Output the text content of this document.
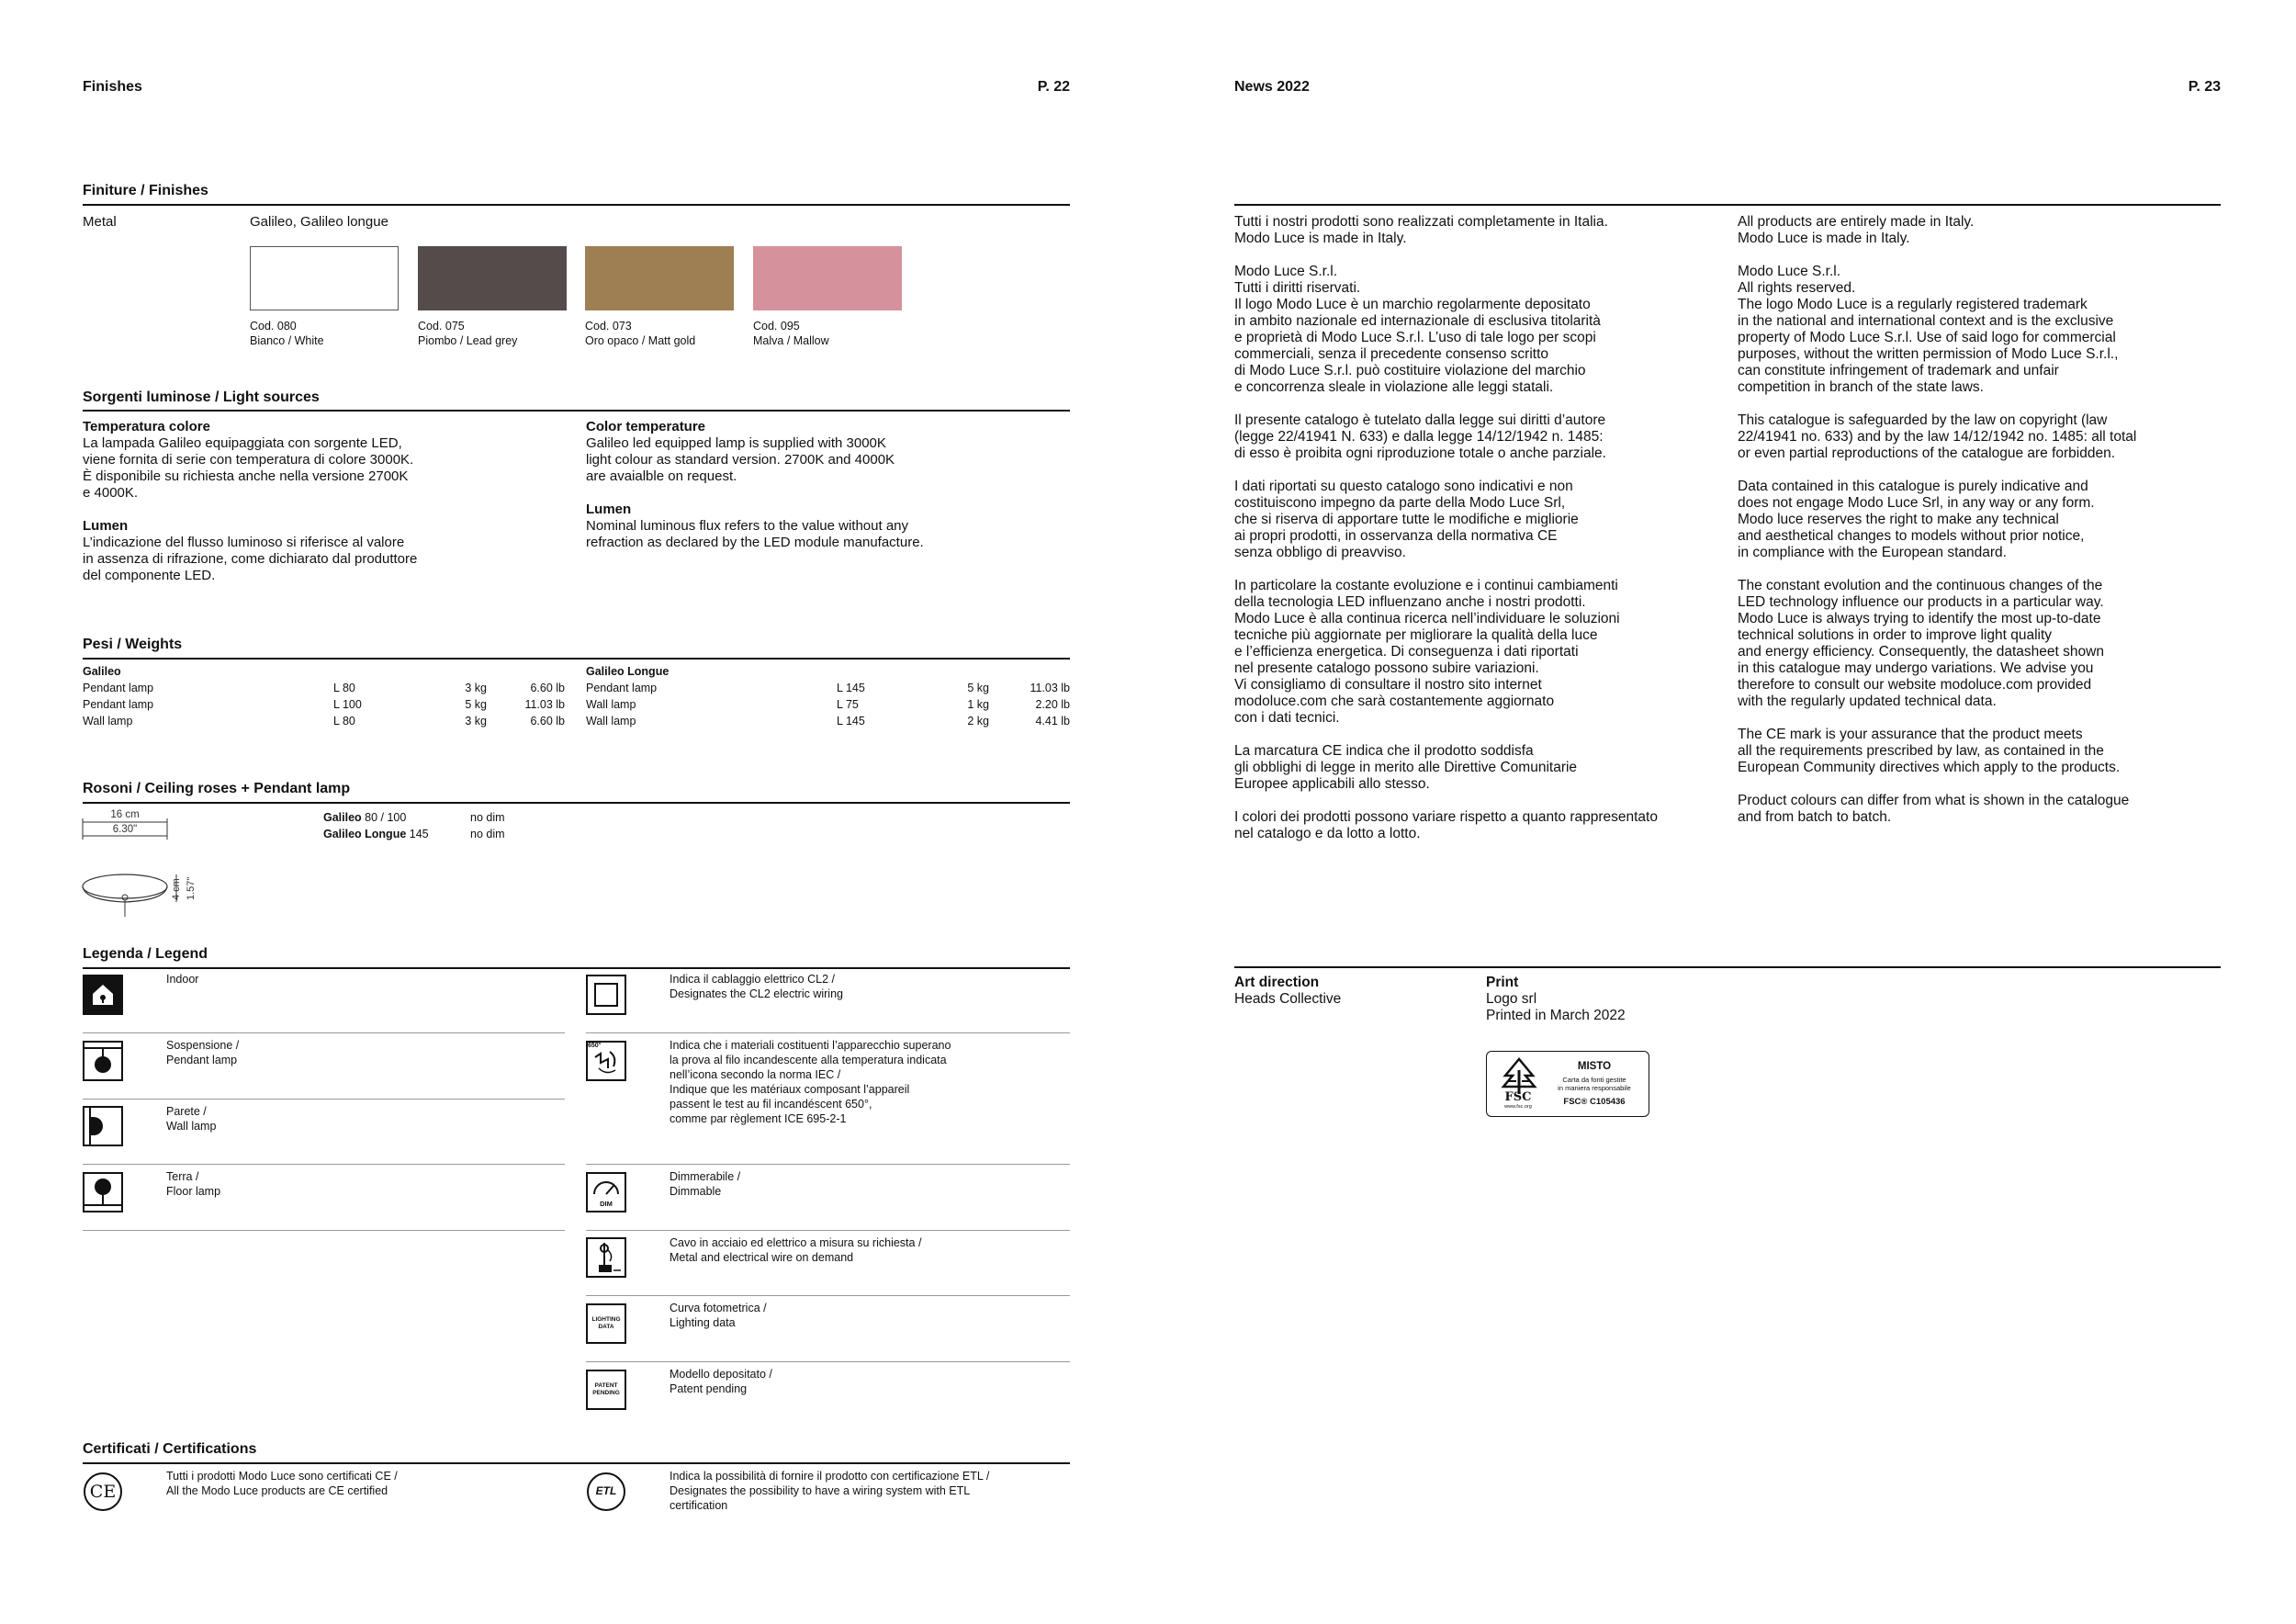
Finishes	P. 22
Finiture / Finishes
Metal	Galileo, Galileo longue
Cod. 080
Bianco / White
Cod. 075
Piombo / Lead grey
Cod. 073
Oro opaco / Matt gold
Cod. 095
Malva / Mallow
Sorgenti luminose / Light sources
Temperatura colore
La lampada Galileo equipaggiata con sorgente LED,
viene fornita di serie con temperatura di colore 3000K.
È disponibile su richiesta anche nella versione 2700K
e 4000K.
Lumen
L’indicazione del flusso luminoso si riferisce al valore
in assenza di rifrazione, come dichiarato dal produttore
del componente LED.
Color temperature
Galileo led equipped lamp is supplied with 3000K
light colour as standard version. 2700K and 4000K
are avaialble on request.
Lumen
Nominal luminous flux refers to the value without any
refraction as declared by the LED module manufacture.
Pesi / Weights
Galileo
Pendant lamp	L 80	3 kg	6.60 lb
Pendant lamp	L 100	5 kg	11.03 lb
Wall lamp	L 80	3 kg	6.60 lb
Galileo Longue
Pendant lamp	L 145	5 kg	11.03 lb
Wall lamp	L 75	1 kg	2.20 lb
Wall lamp	L 145	2 kg	4.41 lb
Rosoni / Ceiling roses + Pendant lamp
16 cm
6.30"
4 cm 1.57"
Galileo 80 / 100	no dim
Galileo Longue 145	no dim
Legenda / Legend
Indoor
Sospensione /
Pendant lamp
Parete /
Wall lamp
Terra /
Floor lamp
Indica il cablaggio elettrico CL2 /
Designates the CL2 electric wiring
650°	Indica che i materiali costituenti l’apparecchio superano
la prova al filo incandescente alla temperatura indicata
nell’icona secondo la norma IEC /
Indique que les matériaux composant l’appareil
passent le test au fil incandéscent 650°,
comme par règlement ICE 695-2-1
DIM
Dimmerabile /
Dimmable
Cavo in acciaio ed elettrico a misura su richiesta /
Metal and electrical wire on demand
LIGHTING
DATA
Curva fotometrica /
Lighting data
PATENT
PENDING
Modello depositato /
Patent pending
Certificati / Certifications
CE
Tutti i prodotti Modo Luce sono certificati CE /
All the Modo Luce products are CE certified	ETL
Indica la possibilità di fornire il prodotto con certificazione ETL /
Designates the possibility to have a wiring system with ETL
certification
News 2022	P. 23
Tutti i nostri prodotti sono realizzati completamente in Italia.
Modo Luce is made in Italy.
Modo Luce S.r.l.
Tutti i diritti riservati.
Il logo Modo Luce è un marchio regolarmente depositato
in ambito nazionale ed internazionale di esclusiva titolarità
e proprietà di Modo Luce S.r.l. L’uso di tale logo per scopi
commerciali, senza il precedente consenso scritto
di Modo Luce S.r.l. può costituire violazione del marchio
e concorrenza sleale in violazione alle leggi statali.
Il presente catalogo è tutelato dalla legge sui diritti d’autore
(legge 22/41941 N. 633) e dalla legge 14/12/1942 n. 1485:
di esso è proibita ogni riproduzione totale o anche parziale.
I dati riportati su questo catalogo sono indicativi e non
costituiscono impegno da parte della Modo Luce Srl,
che si riserva di apportare tutte le modifiche e migliorie
ai propri prodotti, in osservanza della normativa CE
senza obbligo di preavviso.
In particolare la costante evoluzione e i continui cambiamenti
della tecnologia LED influenzano anche i nostri prodotti.
Modo Luce è alla continua ricerca nell’individuare le soluzioni
tecniche più aggiornate per migliorare la qualità della luce
e l’efficienza energetica. Di conseguenza i dati riportati
nel presente catalogo possono subire variazioni.
Vi consigliamo di consultare il nostro sito internet
modoluce.com che sarà costantemente aggiornato
con i dati tecnici.
La marcatura CE indica che il prodotto soddisfa
gli obblighi di legge in merito alle Direttive Comunitarie
Europee applicabili allo stesso.
I colori dei prodotti possono variare rispetto a quanto rappresentato
nel catalogo e da lotto a lotto.
All products are entirely made in Italy.
Modo Luce is made in Italy.
Modo Luce S.r.l.
All rights reserved.
The logo Modo Luce is a regularly registered trademark
in the national and international context and is the exclusive
property of Modo Luce S.r.l. Use of said logo for commercial
purposes, without the written permission of Modo Luce S.r.l.,
can constitute infringement of trademark and unfair
competition in branch of the state laws.
This catalogue is safeguarded by the law on copyright (law
22/41941 no. 633) and by the law 14/12/1942 no. 1485: all total
or even partial reproductions of the catalogue are forbidden.
Data contained in this catalogue is purely indicative and
does not engage Modo Luce Srl, in any way or any form.
Modo luce reserves the right to make any technical
and aesthetical changes to models without prior notice,
in compliance with the European standard.
The constant evolution and the continuous changes of the
LED technology influence our products in a particular way.
Modo Luce is always trying to identify the most up-to-date
technical solutions in order to improve light quality
and energy efficiency. Consequently, the datasheet shown
in this catalogue may undergo variations. We advise you
therefore to consult our website modoluce.com provided
with the regularly updated technical data.
The CE mark is your assurance that the product meets
all the requirements prescribed by law, as contained in the
European Community directives which apply to the products.
Product colours can differ from what is shown in the catalogue
and from batch to batch.
Art direction
Heads Collective
Print
Logo srl
Printed in March 2022
FSC
www.fsc.org
MISTO
Carta da fonti gestite
in maniera responsabile
FSC® C105436
